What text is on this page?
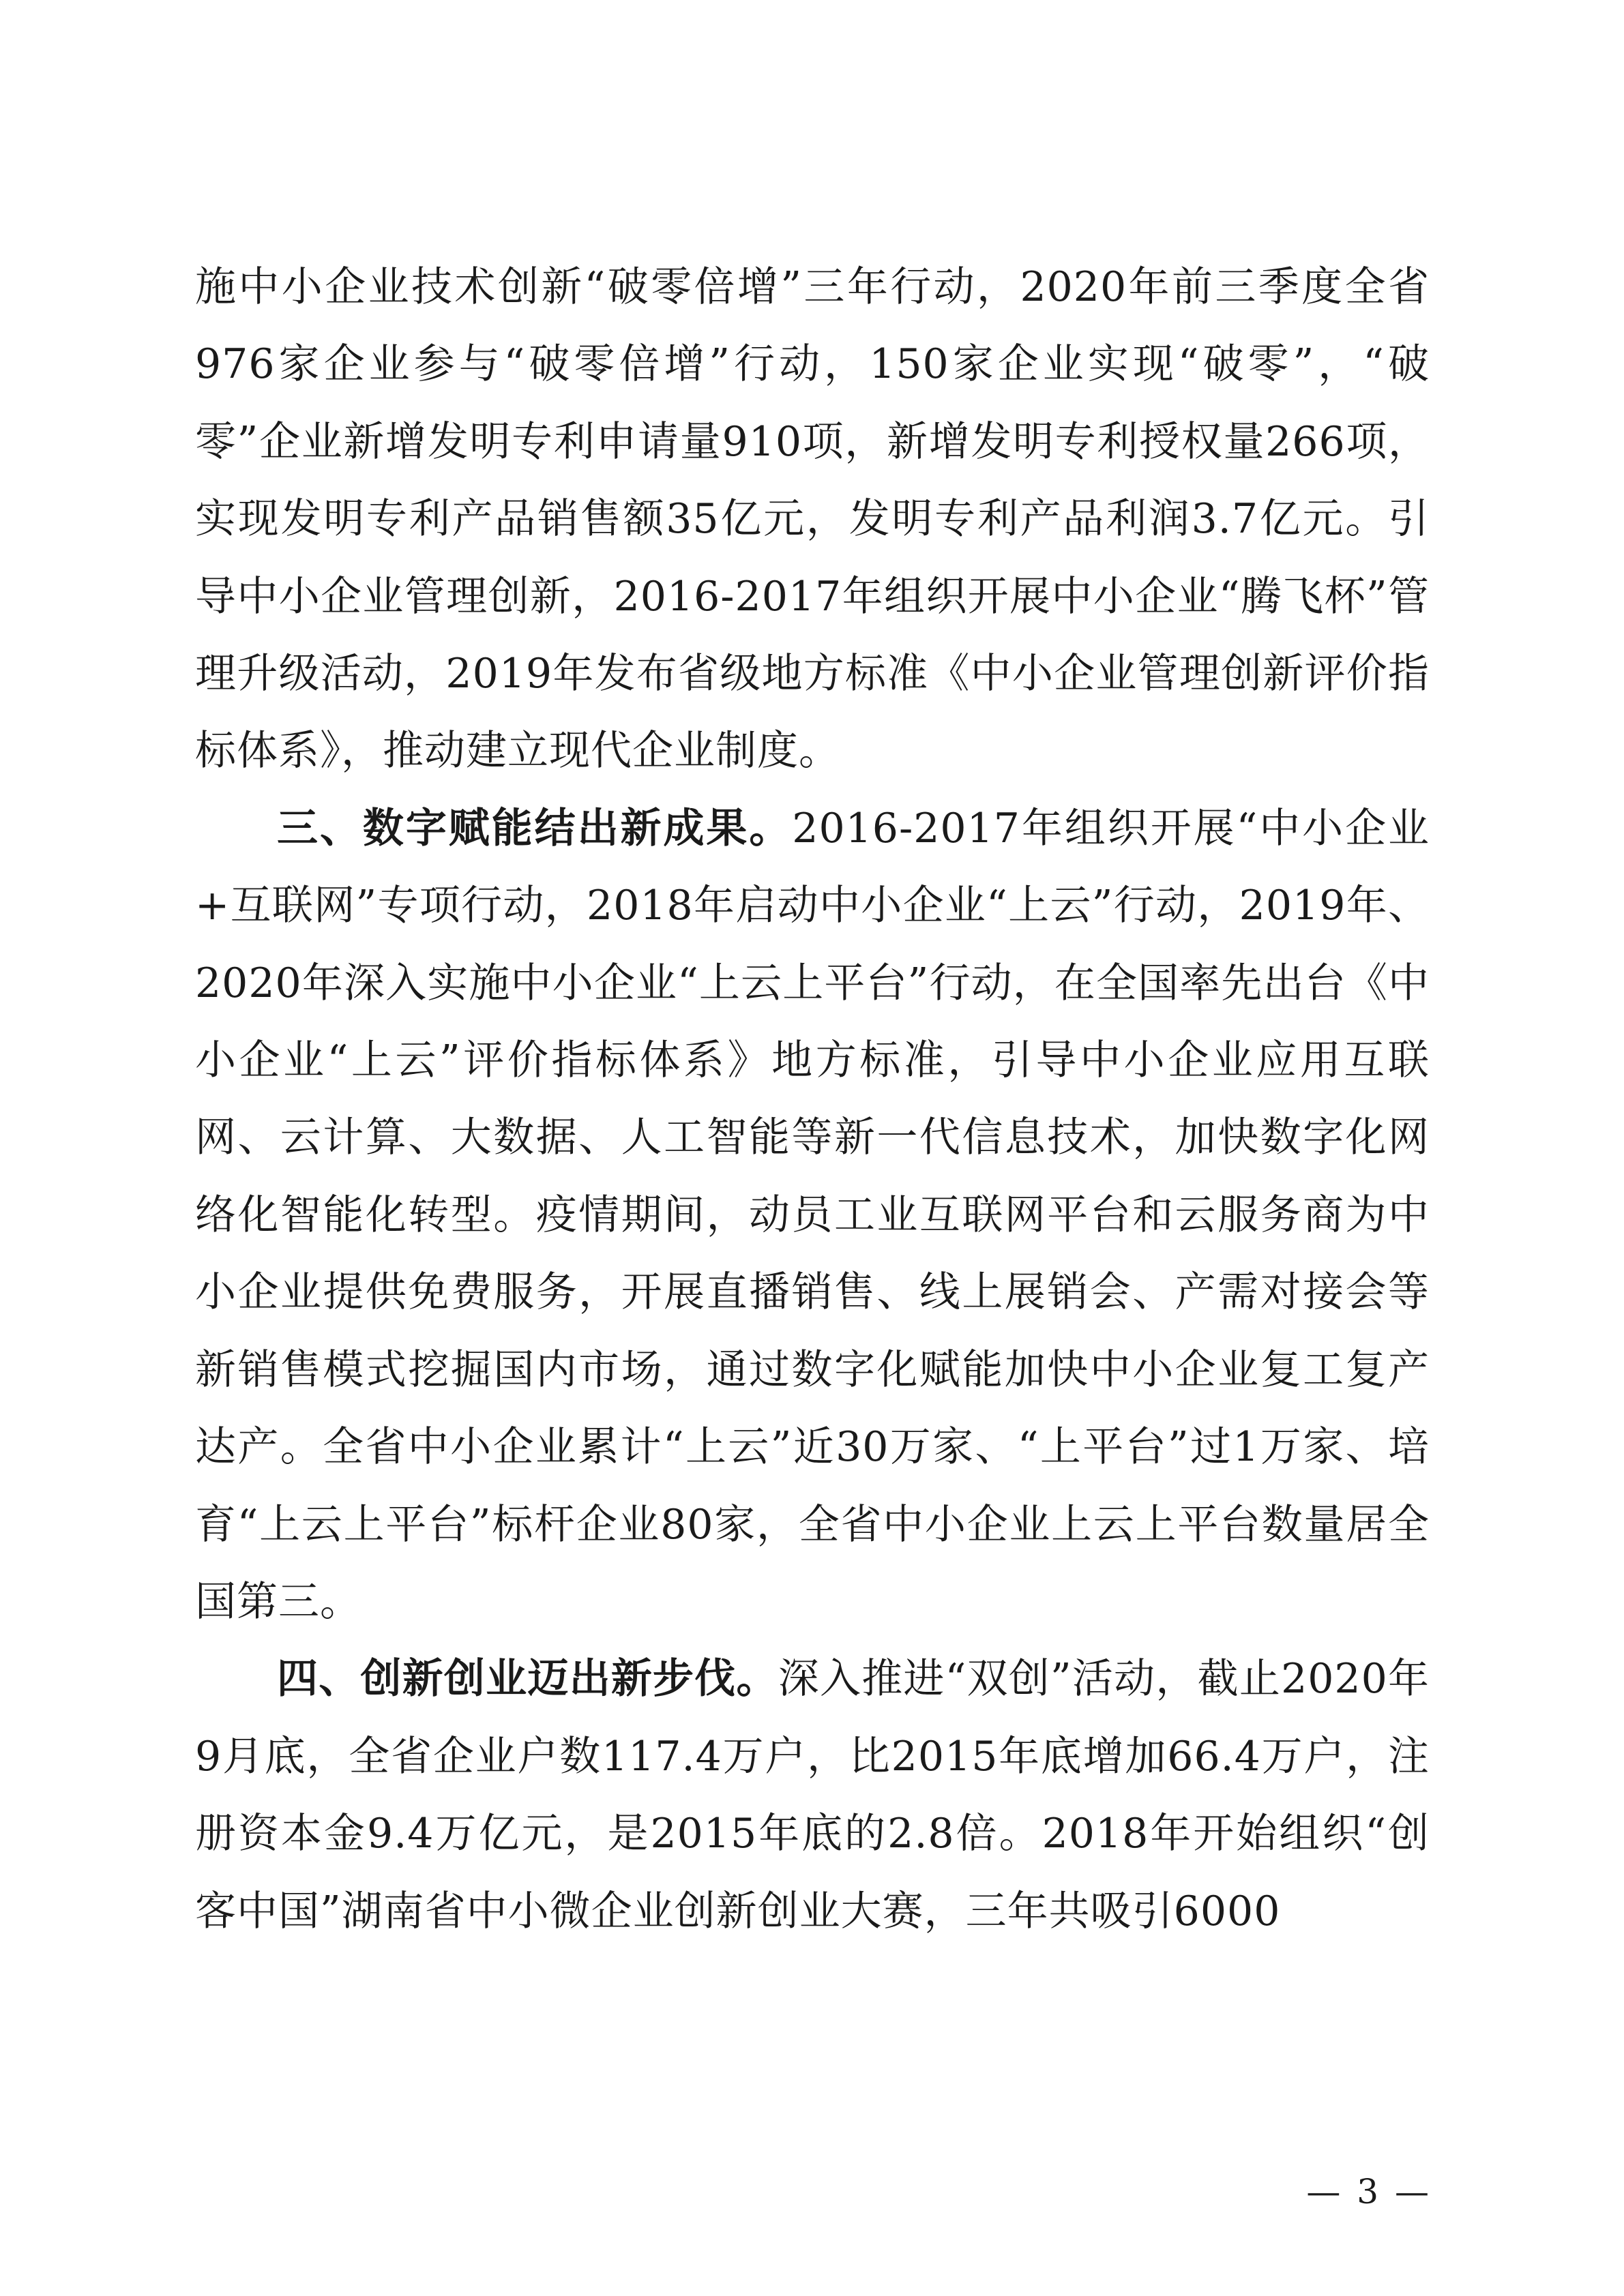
施中小企业技术创新“破零倍增”三年行动，2020年前三季度全省976家企业参与“破零倍增”行动，150家企业实现“破零”，“破零”企业新增发明专利申请量910项，新增发明专利授权量266项，实现发明专利产品销售额35亿元，发明专利产品利润3.7亿元。引导中小企业管理创新，2016-2017年组织开展中小企业“腾飞杯”管理升级活动，2019年发布省级地方标准《中小企业管理创新评价指标体系》，推动建立现代企业制度。

三、数字赋能结出新成果。2016-2017年组织开展“中小企业+互联网”专项行动，2018年启动中小企业“上云”行动，2019年、2020年深入实施中小企业“上云上平台”行动，在全国率先出台《中小企业“上云”评价指标体系》地方标准，引导中小企业应用互联网、云计算、大数据、人工智能等新一代信息技术，加快数字化网络化智能化转型。疫情期间，动员工业互联网平台和云服务商为中小企业提供免费服务，开展直播销售、线上展销会、产需对接会等新销售模式挖掘国内市场，通过数字化赋能加快中小企业复工复产达产。全省中小企业累计“上云”近30万家、“上平台”过1万家、培育“上云上平台”标杆企业80家，全省中小企业上云上平台数量居全国第三。

四、创新创业迈出新步伐。深入推进“双创”活动，截止2020年9月底，全省企业户数117.4万户，比2015年底增加66.4万户，注册资本金9.4万亿元，是2015年底的2.8倍。2018年开始组织“创客中国”湖南省中小微企业创新创业大赛，三年共吸引6000

— 3 —
